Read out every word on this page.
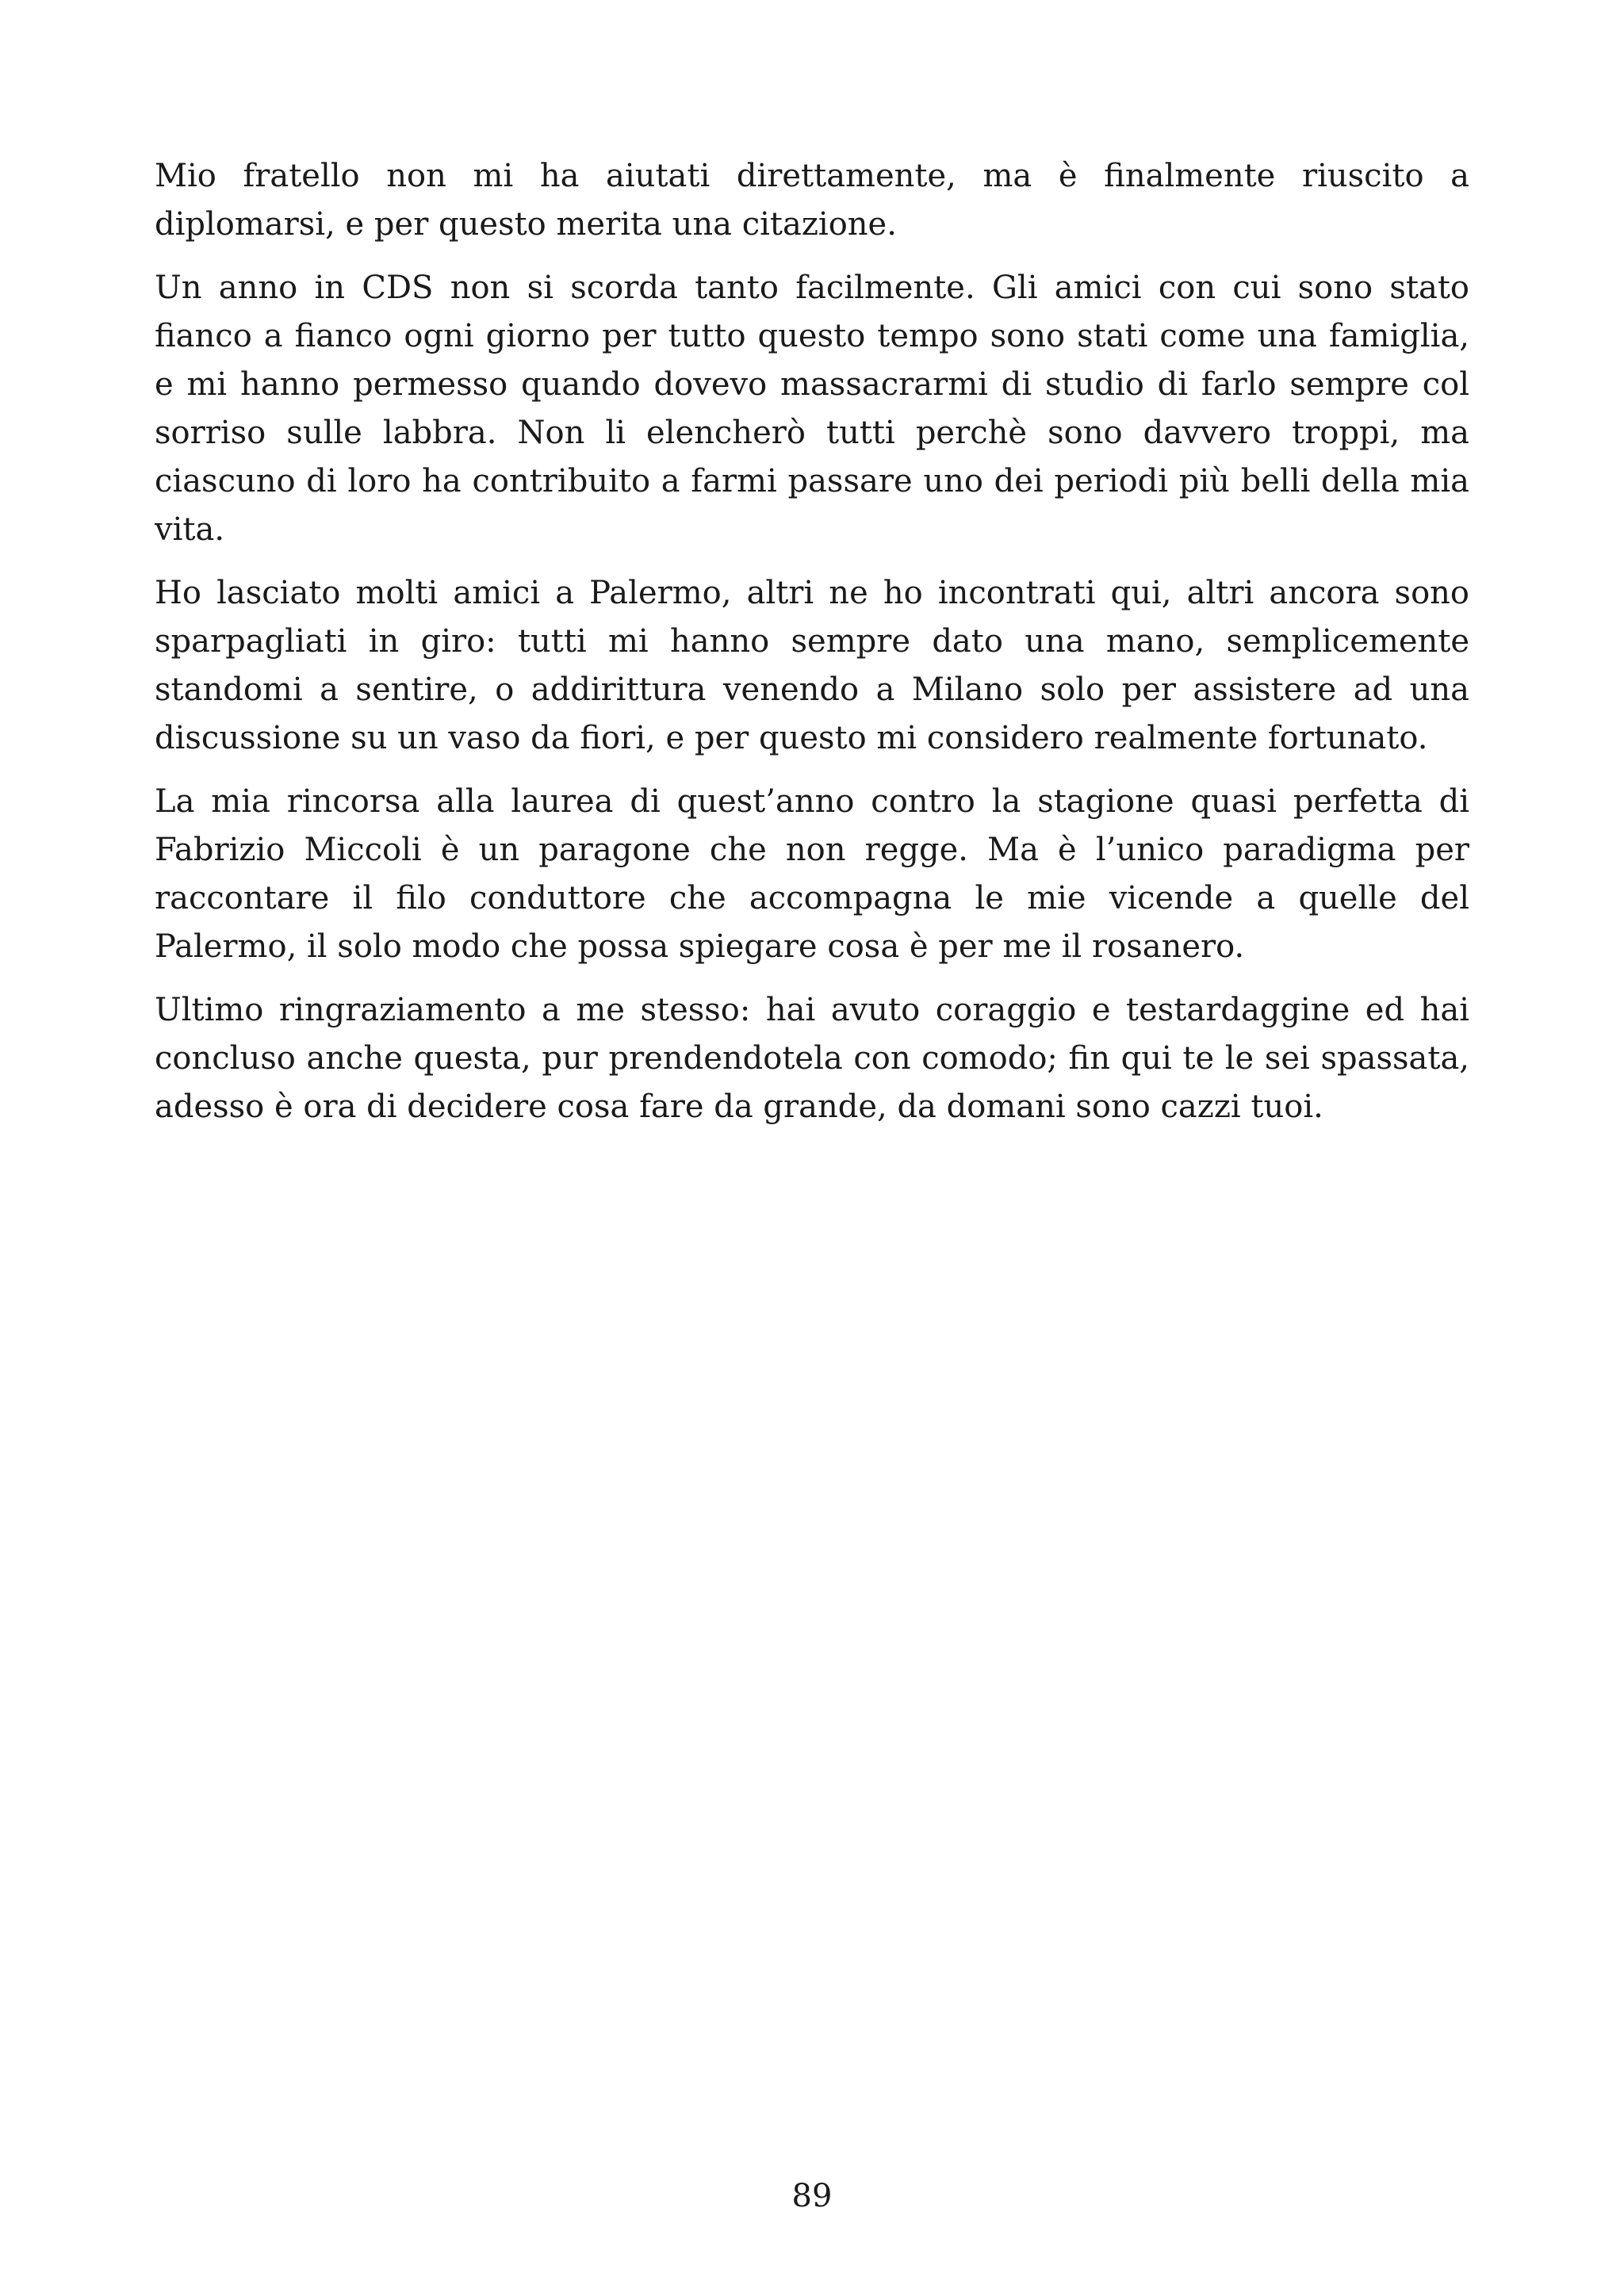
Mio fratello non mi ha aiutati direttamente, ma è finalmente riuscito a diplomarsi, e per questo merita una citazione.

Un anno in CDS non si scorda tanto facilmente. Gli amici con cui sono stato fianco a fianco ogni giorno per tutto questo tempo sono stati come una famiglia, e mi hanno permesso quando dovevo massacrarmi di studio di farlo sempre col sorriso sulle labbra. Non li elencherò tutti perchè sono davvero troppi, ma ciascuno di loro ha contribuito a farmi passare uno dei periodi più belli della mia vita.

Ho lasciato molti amici a Palermo, altri ne ho incontrati qui, altri ancora sono sparpagliati in giro: tutti mi hanno sempre dato una mano, semplicemente standomi a sentire, o addirittura venendo a Milano solo per assistere ad una discussione su un vaso da fiori, e per questo mi considero realmente fortunato.

La mia rincorsa alla laurea di quest’anno contro la stagione quasi perfetta di Fabrizio Miccoli è un paragone che non regge. Ma è l’unico paradigma per raccontare il filo conduttore che accompagna le mie vicende a quelle del Palermo, il solo modo che possa spiegare cosa è per me il rosanero.

Ultimo ringraziamento a me stesso: hai avuto coraggio e testardaggine ed hai concluso anche questa, pur prendendotela con comodo; fin qui te le sei spassata, adesso è ora di decidere cosa fare da grande, da domani sono cazzi tuoi.

89
